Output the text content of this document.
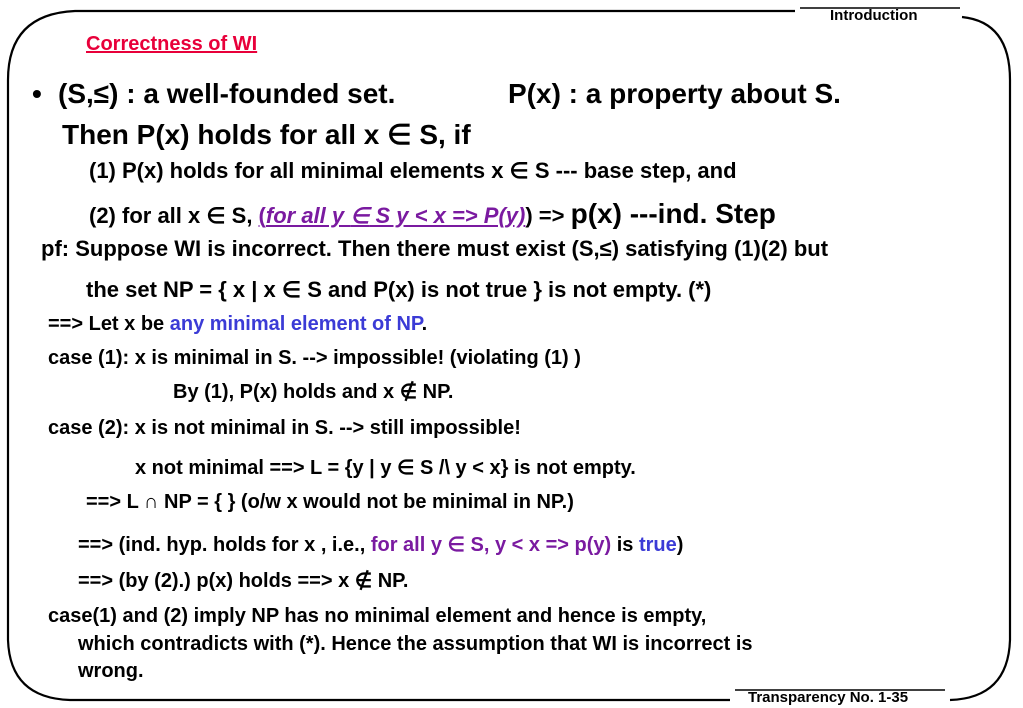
Introduction
Transparency No. 1-35
Correctness of WI
• (S,≤) : a well-founded set.	P(x) : a property about S.
Then P(x) holds for all x ∈ S, if
(1) P(x) holds for all minimal elements x ∈ S --- base step, and
(2) for all x ∈ S, (for all y ∈ S y < x => P(y)) => p(x) ---ind. Step
pf: Suppose WI is incorrect. Then there must exist (S,≤) satisfying (1)(2) but
the set NP = { x | x ∈ S and P(x) is not true } is not empty. (*)
==> Let x be any minimal element of NP.
case (1): x is minimal in S. --> impossible! (violating (1) )
By (1), P(x) holds and x ∉ NP.
case (2): x is not minimal in S. --> still impossible!
x not minimal ==> L = {y | y ∈ S /\ y < x} is not empty.
==> L ∩ NP = { } (o/w x would not be minimal in NP.)
==> (ind. hyp. holds for x , i.e., for all y ∈ S, y < x => p(y) is true)
==> (by (2).) p(x) holds ==> x ∉ NP.
case(1) and (2) imply NP has no minimal element and hence is empty,
which contradicts with (*). Hence the assumption that WI is incorrect is
wrong.
